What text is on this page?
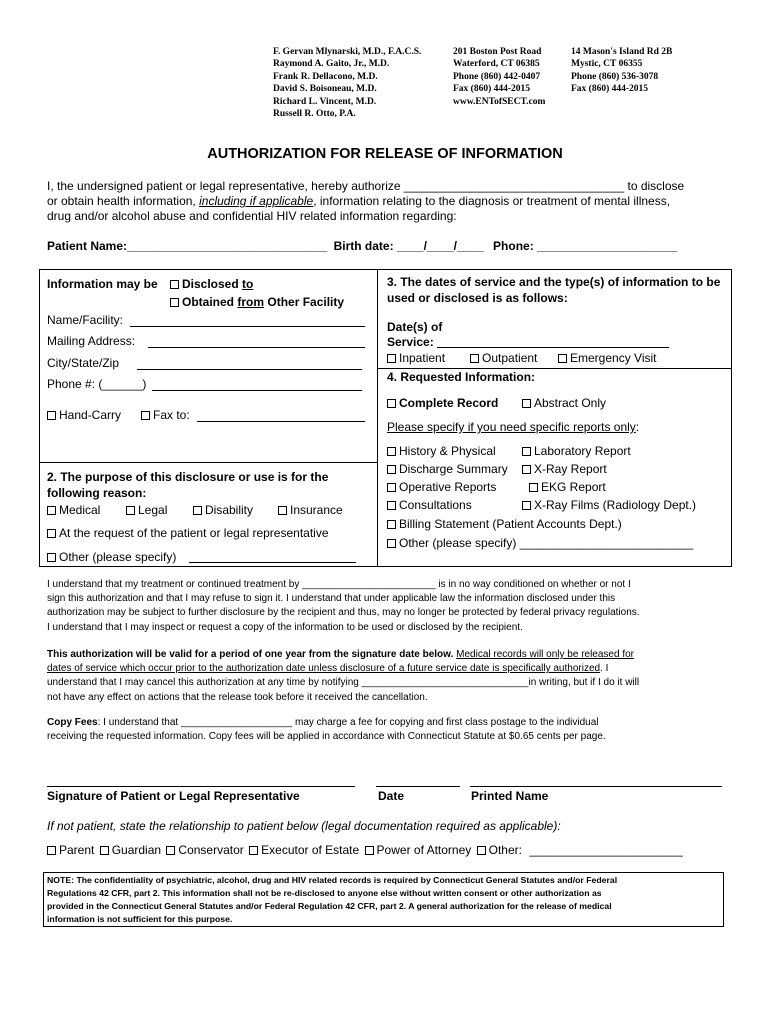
F. Gervan Mlynarski, M.D., F.A.C.S.
Raymond A. Gaito, Jr., M.D.
Frank R. Dellacono, M.D.
David S. Boisoneau, M.D.
Richard L. Vincent, M.D.
Russell R. Otto, P.A.
201 Boston Post Road
Waterford, CT 06385
Phone (860) 442-0407
Fax (860) 444-2015
www.ENTofSECT.com
14 Mason's Island Rd 2B
Mystic, CT 06355
Phone (860) 536-3078
Fax (860) 444-2015
AUTHORIZATION FOR RELEASE OF INFORMATION
I, the undersigned patient or legal representative, hereby authorize _________________________________ to disclose
or obtain health information, including if applicable, information relating to the diagnosis or treatment of mental illness,
drug and/or alcohol abuse and confidential HIV related information regarding:
Patient Name:______________________________ Birth date: ____/____/____ Phone: _____________________
Information may be	Disclosed to
Obtained from Other Facility
Name/Facility:
Mailing Address:
City/State/Zip
Phone #: (______)
Hand-Carry	Fax to:
2. The purpose of this disclosure or use is for the following reason:
Medical	Legal	Disability	Insurance
At the request of the patient or legal representative
Other (please specify)
3. The dates of service and the type(s) of information to be used or disclosed is as follows:
Date(s) of
Service:
Inpatient	Outpatient	Emergency Visit
4. Requested Information:
Complete Record	Abstract Only
Please specify if you need specific reports only:
History & Physical	Laboratory Report
Discharge Summary	X-Ray Report
Operative Reports	EKG Report
Consultations	X-Ray Films (Radiology Dept.)
Billing Statement (Patient Accounts Dept.)
Other (please specify) __________________________
I understand that my treatment or continued treatment by ________________________ is in no way conditioned on whether or not I
sign this authorization and that I may refuse to sign it. I understand that under applicable law the information disclosed under this
authorization may be subject to further disclosure by the recipient and thus, may no longer be protected by federal privacy regulations.
I understand that I may inspect or request a copy of the information to be used or disclosed by the recipient.
This authorization will be valid for a period of one year from the signature date below. Medical records will only be released for
dates of service which occur prior to the authorization date unless disclosure of a future service date is specifically authorized. I
understand that I may cancel this authorization at any time by notifying ______________________________in writing, but if I do it will
not have any effect on actions that the release took before it received the cancellation.
Copy Fees: I understand that ____________________ may charge a fee for copying and first class postage to the individual
receiving the requested information. Copy fees will be applied in accordance with Connecticut Statute at $0.65 cents per page.
Signature of Patient or Legal Representative	Date	Printed Name
If not patient, state the relationship to patient below (legal documentation required as applicable):
Parent Guardian Conservator Executor of Estate Power of Attorney Other: _______________________
NOTE: The confidentiality of psychiatric, alcohol, drug and HIV related records is required by Connecticut General Statutes and/or Federal
Regulations 42 CFR, part 2. This information shall not be re-disclosed to anyone else without written consent or other authorization as
provided in the Connecticut General Statutes and/or Federal Regulation 42 CFR, part 2. A general authorization for the release of medical
information is not sufficient for this purpose.
